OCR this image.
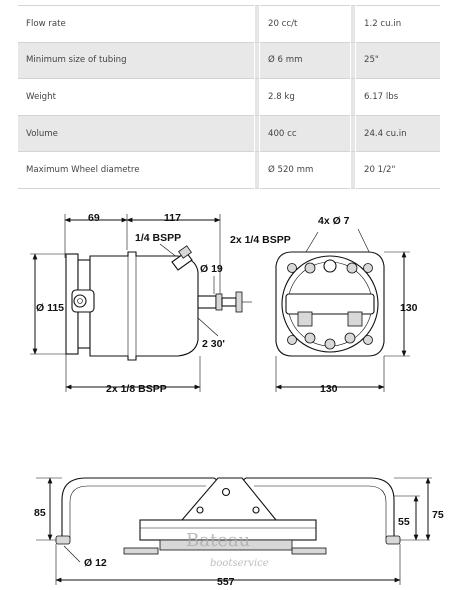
Flow rate		20 cc/t		1.2 cu.in
Minimum size of tubing		Ø 6 mm		25"
Weight		2.8 kg		6.17 lbs
Volume		400 cc		24.4 cu.in
Maximum Wheel diametre		Ø 520 mm		20 1/2"
69	117
1/4 BSPP
Ø 19
Ø 115
2 30'
2x 1/8 BSPP
2x 1/4 BSPP
4x Ø 7
130
130
85
55
75
Ø 12
557
Bateau
bootservice
